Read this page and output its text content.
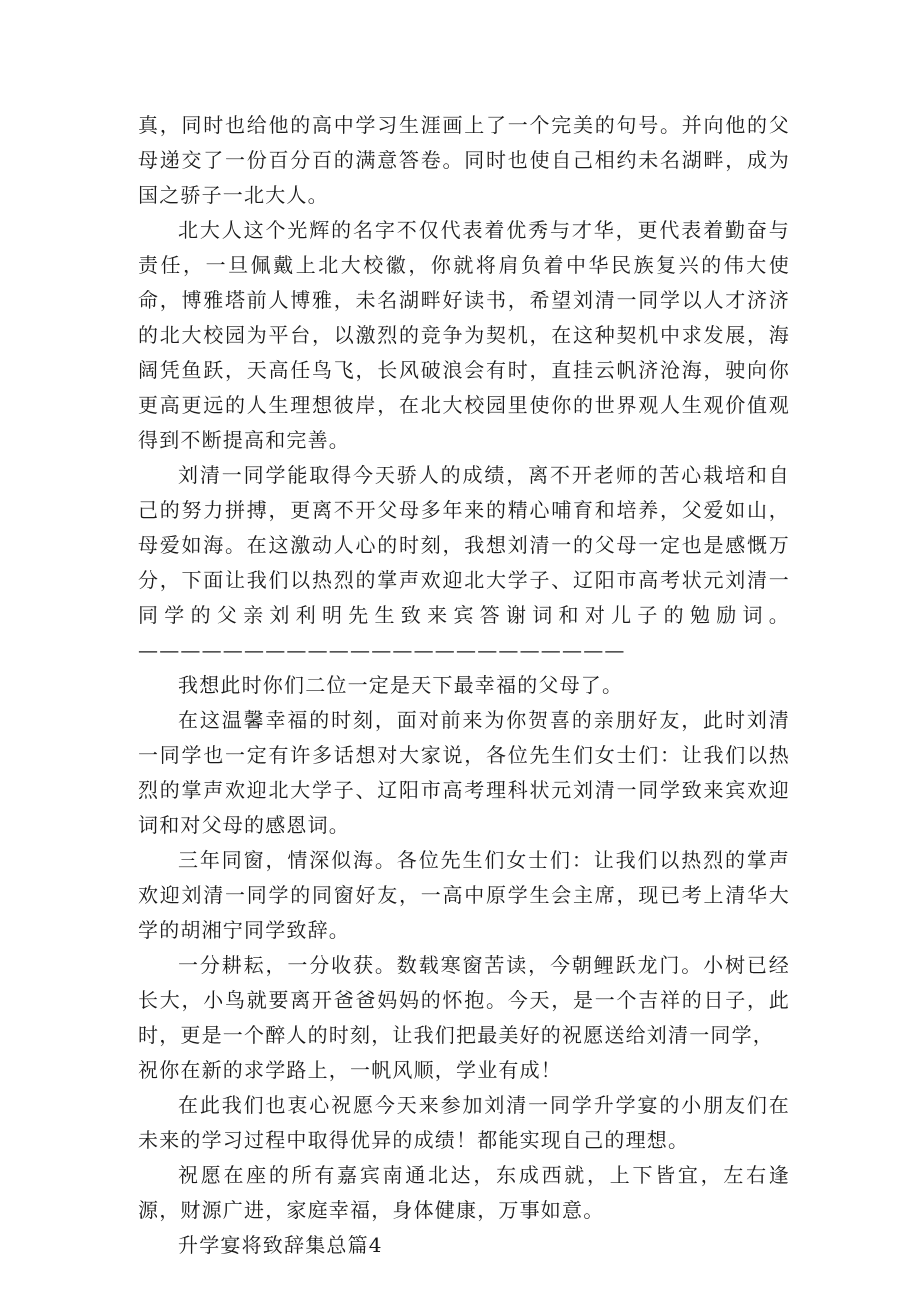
真，同时也给他的高中学习生涯画上了一个完美的句号。并向他的父母递交了一份百分百的满意答卷。同时也使自己相约未名湖畔，成为国之骄子一北大人。

北大人这个光辉的名字不仅代表着优秀与才华，更代表着勤奋与责任，一旦佩戴上北大校徽，你就将肩负着中华民族复兴的伟大使命，博雅塔前人博雅，未名湖畔好读书，希望刘清一同学以人才济济的北大校园为平台，以激烈的竞争为契机，在这种契机中求发展，海阔凭鱼跃，天高任鸟飞，长风破浪会有时，直挂云帆济沧海，驶向你更高更远的人生理想彼岸，在北大校园里使你的世界观人生观价值观得到不断提高和完善。

刘清一同学能取得今天骄人的成绩，离不开老师的苦心栽培和自己的努力拼搏，更离不开父母多年来的精心哺育和培养，父爱如山，母爱如海。在这激动人心的时刻，我想刘清一的父母一定也是感慨万分，下面让我们以热烈的掌声欢迎北大学子、辽阳市高考状元刘清一同学的父亲刘利明先生致来宾答谢词和对儿子的勉励词。———————————————————————

我想此时你们二位一定是天下最幸福的父母了。

在这温馨幸福的时刻，面对前来为你贺喜的亲朋好友，此时刘清一同学也一定有许多话想对大家说，各位先生们女士们：让我们以热烈的掌声欢迎北大学子、辽阳市高考理科状元刘清一同学致来宾欢迎词和对父母的感恩词。

三年同窗，情深似海。各位先生们女士们：让我们以热烈的掌声欢迎刘清一同学的同窗好友，一高中原学生会主席，现已考上清华大学的胡湘宁同学致辞。

一分耕耘，一分收获。数载寒窗苦读，今朝鲤跃龙门。小树已经长大，小鸟就要离开爸爸妈妈的怀抱。今天，是一个吉祥的日子，此时，更是一个醉人的时刻，让我们把最美好的祝愿送给刘清一同学，

祝你在新的求学路上，一帆风顺，学业有成！

在此我们也衷心祝愿今天来参加刘清一同学升学宴的小朋友们在未来的学习过程中取得优异的成绩！都能实现自己的理想。

祝愿在座的所有嘉宾南通北达，东成西就，上下皆宜，左右逢源，财源广进，家庭幸福，身体健康，万事如意。

升学宴将致辞集总篇4
